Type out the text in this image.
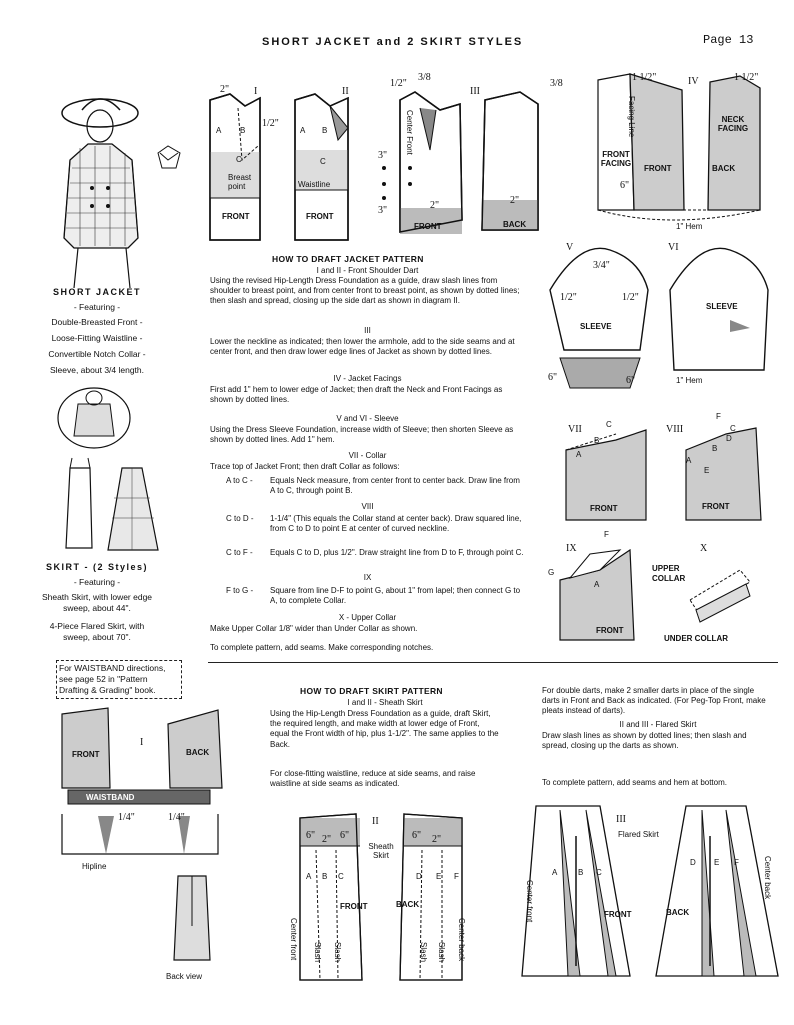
SHORT JACKET and 2 SKIRT STYLES	Page 13
SHORT JACKET
- Featuring -
Double-Breasted Front -
Loose-Fitting Waistline -
Convertible Notch Collar -
Sleeve, about 3/4 length.
SKIRT - (2 Styles)
- Featuring -
Sheath Skirt, with lower edge sweep, about 44".
4-Piece Flared Skirt, with sweep, about 70".
For WAISTBAND directions, see page 52 in "Pattern Drafting & Grading" book.
2" I	II
1/2"
A B
C
Breast point
FRONT
A B
C
Waistline
FRONT
1/2"
3/8
III
3/8
Center Front
3"
3"	2"	2"
FRONT	BACK
1 1/2"	IV	1 1/2"
Facing Line	NECK FACING
FRONT FACING
FRONT	BACK
6"
1" Hem
V	VI
3/4"
1/2"	1/2"
SLEEVE
SLEEVE
6"	6"	1" Hem
VII	VIII
C
B
A
F
C
D
B
A
E
FRONT	FRONT
IX	X
F
G
A
UPPER COLLAR
FRONT
UNDER COLLAR
HOW TO DRAFT JACKET PATTERN
I and II - Front Shoulder Dart
Using the revised Hip-Length Dress Foundation as a guide, draw slash lines from shoulder to breast point, and from center front to breast point, as shown by dotted lines; then slash and spread, closing up the side dart as shown in diagram II.
III
Lower the neckline as indicated; then lower the armhole, add to the side seams and at center front, and then draw lower edge lines of Jacket as shown by dotted lines.
IV - Jacket Facings
First add 1" hem to lower edge of Jacket; then draft the Neck and Front Facings as shown by dotted lines.
V and VI - Sleeve
Using the Dress Sleeve Foundation, increase width of Sleeve; then shorten Sleeve as shown by dotted lines. Add 1" hem.
VII - Collar
Trace top of Jacket Front; then draft Collar as follows:
A to C -	Equals Neck measure, from center front to center back. Draw line from A to C, through point B.
VIII
C to D -	1-1/4" (This equals the Collar stand at center back). Draw squared line, from C to D to point E at center of curved neckline.
C to F -	Equals C to D, plus 1/2". Draw straight line from D to F, through point C.
IX
F to G -	Square from line D-F to point G, about 1" from lapel; then connect G to A, to complete Collar.
X - Upper Collar
Make Upper Collar 1/8" wider than Under Collar as shown.
To complete pattern, add seams. Make corresponding notches.
FRONT
I
BACK
WAISTBAND
1/4"	1/4"
Hipline
Back view
HOW TO DRAFT SKIRT PATTERN
I and II - Sheath Skirt
Using the Hip-Length Dress Foundation as a guide, draft Skirt, the required length, and make width at lower edge of Front, equal the Front width of hip, plus 1-1/2". The same applies to the Back.
For close-fitting waistline, reduce at side seams, and raise waistline at side seams as indicated.
For double darts, make 2 smaller darts in place of the single darts in Front and Back as indicated. (For Peg-Top Front, make pleats instead of darts).
II and III - Flared Skirt
Draw slash lines as shown by dotted lines; then slash and spread, closing up the darts as shown.
To complete pattern, add seams and hem at bottom.
II
Sheath Skirt
6" 2" 6"	6" 2"
A B C	D E F
FRONT	BACK
Center front	Slash	Slash	Slash	Slash	Center back
III
Flared Skirt
A	B C
D E F
FRONT	BACK
Center front
Center back
